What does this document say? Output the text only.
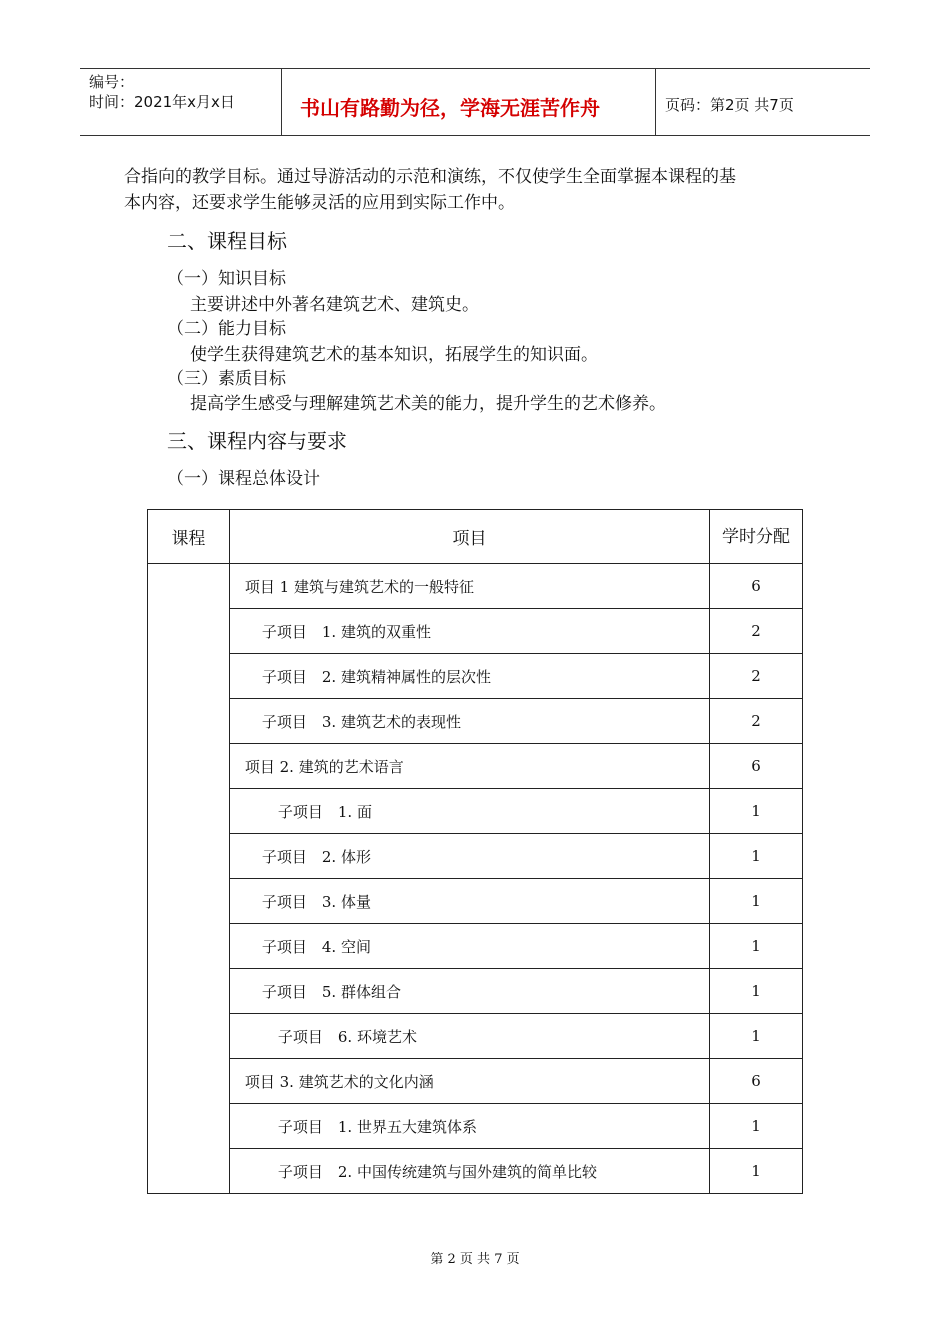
编号：
时间：2021年x月x日	书山有路勤为径，学海无涯苦作舟	页码：第2页 共7页
合指向的教学目标。通过导游活动的示范和演练，不仅使学生全面掌握本课程的基
本内容，还要求学生能够灵活的应用到实际工作中。
二、课程目标
（一）知识目标
主要讲述中外著名建筑艺术、建筑史。
（二）能力目标
使学生获得建筑艺术的基本知识，拓展学生的知识面。
（三）素质目标
提高学生感受与理解建筑艺术美的能力，提升学生的艺术修养。
三、课程内容与要求
（一）课程总体设计
课程	项目	学时分配
	项目 1 建筑与建筑艺术的一般特征	6
	子项目　1. 建筑的双重性	2
	子项目　2. 建筑精神属性的层次性	2
	子项目　3. 建筑艺术的表现性	2
	项目 2. 建筑的艺术语言	6
	子项目　1. 面	1
	子项目　2. 体形	1
	子项目　3. 体量	1
	子项目　4. 空间	1
	子项目　5. 群体组合	1
	子项目　6. 环境艺术	1
	项目 3. 建筑艺术的文化内涵	6
	子项目　1. 世界五大建筑体系	1
	子项目　2. 中国传统建筑与国外建筑的简单比较	1
第 2 页 共 7 页
